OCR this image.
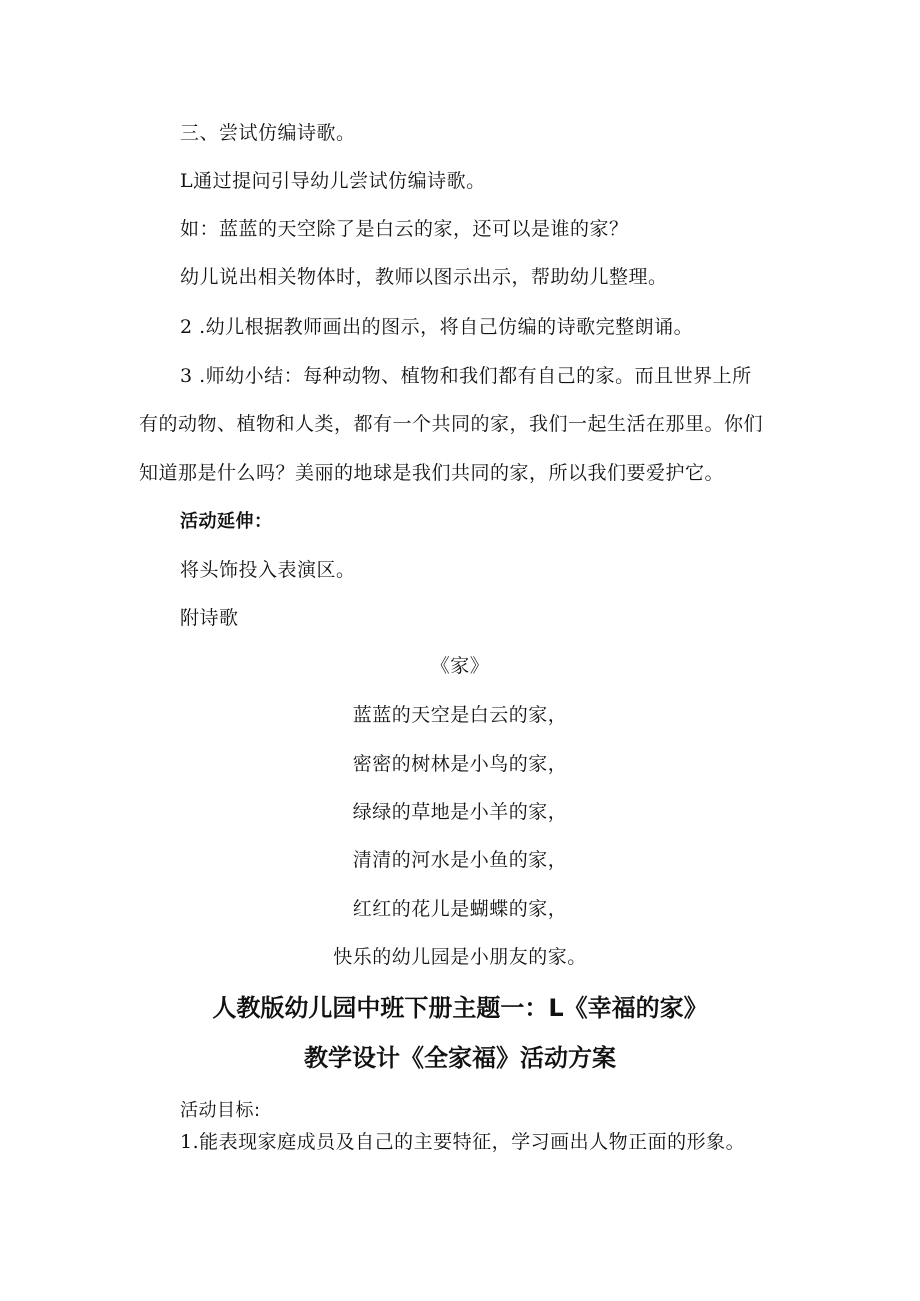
三、尝试仿编诗歌。
L通过提问引导幼儿尝试仿编诗歌。
如：蓝蓝的天空除了是白云的家，还可以是谁的家？
幼儿说出相关物体时，教师以图示出示，帮助幼儿整理。
2 .幼儿根据教师画出的图示，将自己仿编的诗歌完整朗诵。
3 .师幼小结：每种动物、植物和我们都有自己的家。而且世界上所
有的动物、植物和人类，都有一个共同的家，我们一起生活在那里。你们
知道那是什么吗？美丽的地球是我们共同的家，所以我们要爱护它。
活动延伸：
将头饰投入表演区。
附诗歌
《家》
蓝蓝的天空是白云的家，
密密的树林是小鸟的家，
绿绿的草地是小羊的家，
清清的河水是小鱼的家，
红红的花儿是蝴蝶的家，
快乐的幼儿园是小朋友的家。
人教版幼儿园中班下册主题一：L《幸福的家》
教学设计《全家福》活动方案
活动目标:
1.能表现家庭成员及自己的主要特征，学习画出人物正面的形象。
